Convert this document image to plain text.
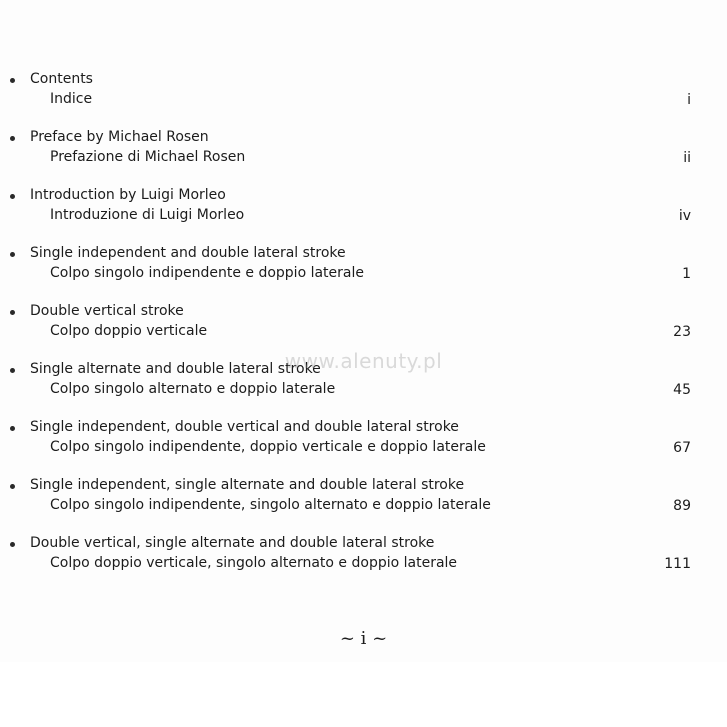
Contents
Indice	i
Preface by Michael Rosen
Prefazione di Michael Rosen	ii
Introduction by Luigi Morleo
Introduzione di Luigi Morleo	iv
Single independent and double lateral stroke
Colpo singolo indipendente e doppio laterale	1
Double vertical stroke
Colpo doppio verticale	23
Single alternate and double lateral stroke
Colpo singolo alternato e doppio laterale	45
Single independent, double vertical and double lateral stroke
Colpo singolo indipendente, doppio verticale e doppio laterale	67
Single independent, single alternate and double lateral stroke
Colpo singolo indipendente, singolo alternato e doppio laterale	89
Double vertical, single alternate and double lateral stroke
Colpo doppio verticale, singolo alternato e doppio laterale	111
www.alenuty.pl
~ i ~
